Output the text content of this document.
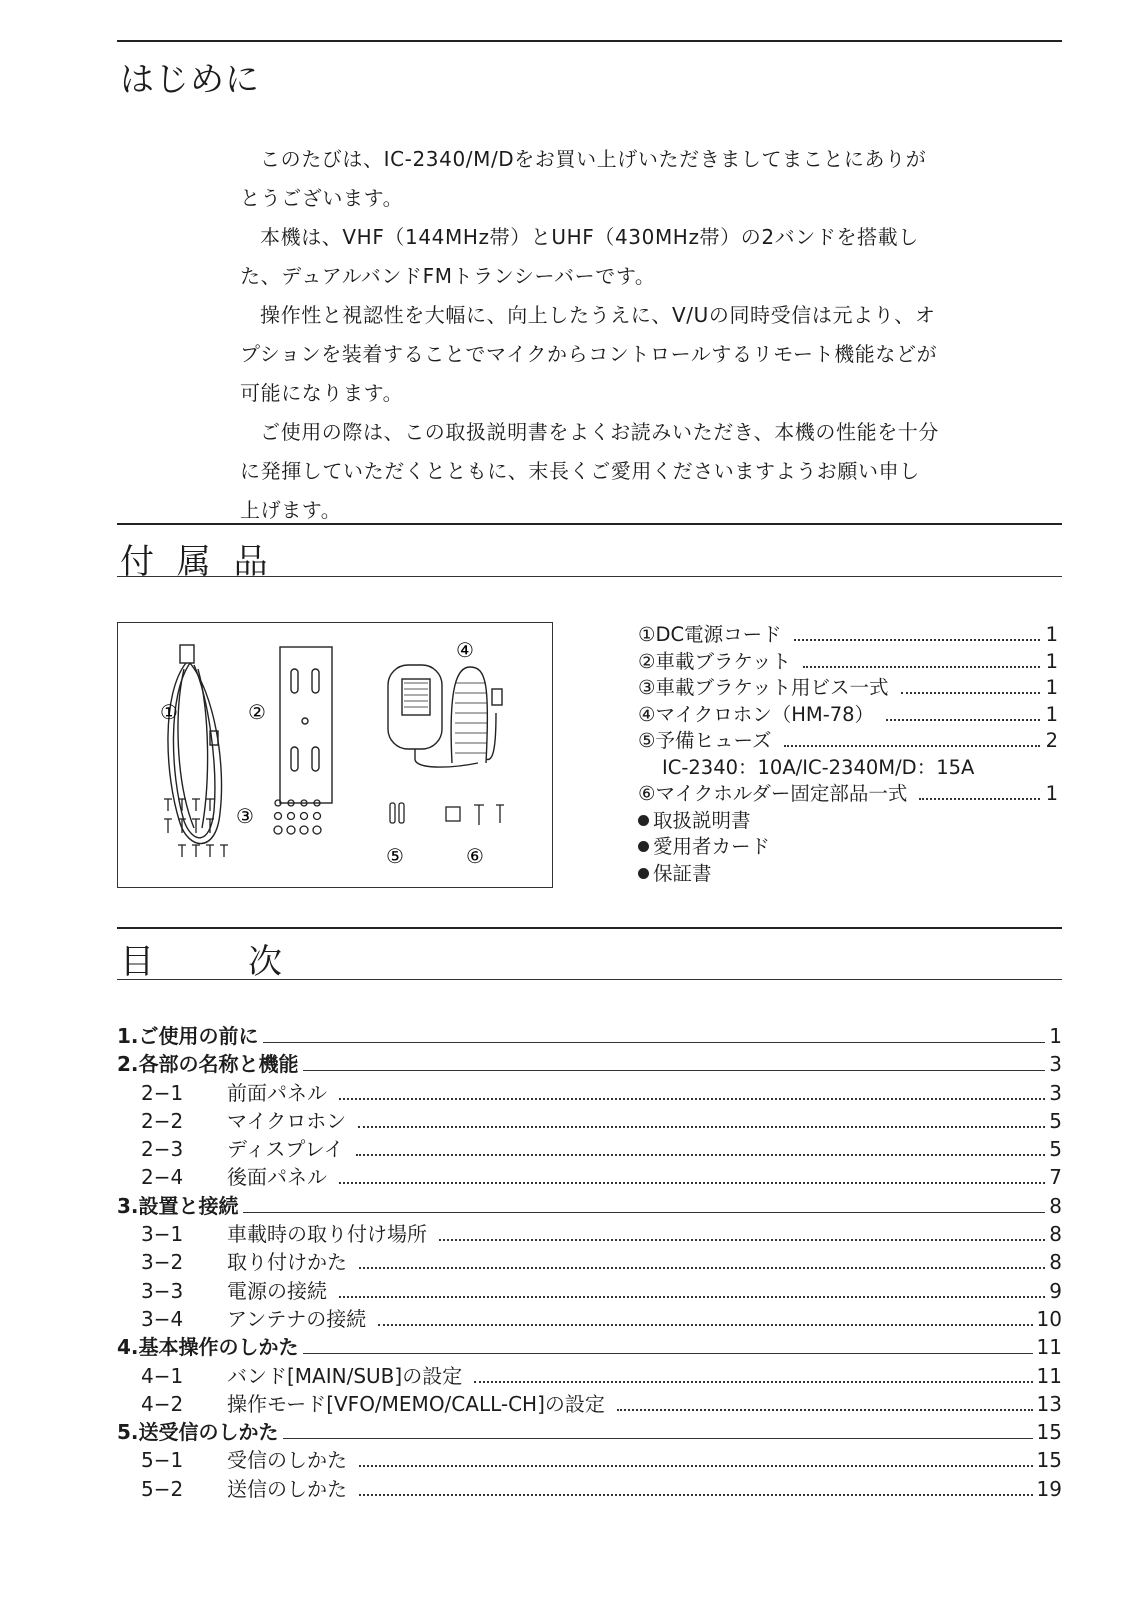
はじめに

このたびは、IC-2340/M/Dをお買い上げいただきましてまことにありがとうございます。

本機は、VHF（144MHz帯）とUHF（430MHz帯）の2バンドを搭載した、デュアルバンドFMトランシーバーです。

操作性と視認性を大幅に、向上したうえに、V/Uの同時受信は元より、オプションを装着することでマイクからコントロールするリモート機能などが可能になります。

ご使用の際は、この取扱説明書をよくお読みいただき、本機の性能を十分に発揮していただくとともに、末長くご愛用くださいますようお願い申し上げます。

付 属 品
①	②
④
③
⑤	⑥
①DC電源コード	1
②車載ブラケット	1
③車載ブラケット用ビス一式	1
④マイクロホン（HM-78）	1
⑤予備ヒューズ	2
IC-2340：10A/IC-2340M/D：15A
⑥マイクホルダー固定部品一式	1
取扱説明書
愛用者カード
保証書
目　次
1. ご使用の前に	1
2. 各部の名称と機能	3
2−1	前面パネル	3
2−2	マイクロホン	5
2−3	ディスプレイ	5
2−4	後面パネル	7
3. 設置と接続	8
3−1	車載時の取り付け場所	8
3−2	取り付けかた	8
3−3	電源の接続	9
3−4	アンテナの接続	10
4. 基本操作のしかた	11
4−1	バンド[MAIN/SUB]の設定	11
4−2	操作モード[VFO/MEMO/CALL-CH]の設定	13
5. 送受信のしかた	15
5−1	受信のしかた	15
5−2	送信のしかた	19
